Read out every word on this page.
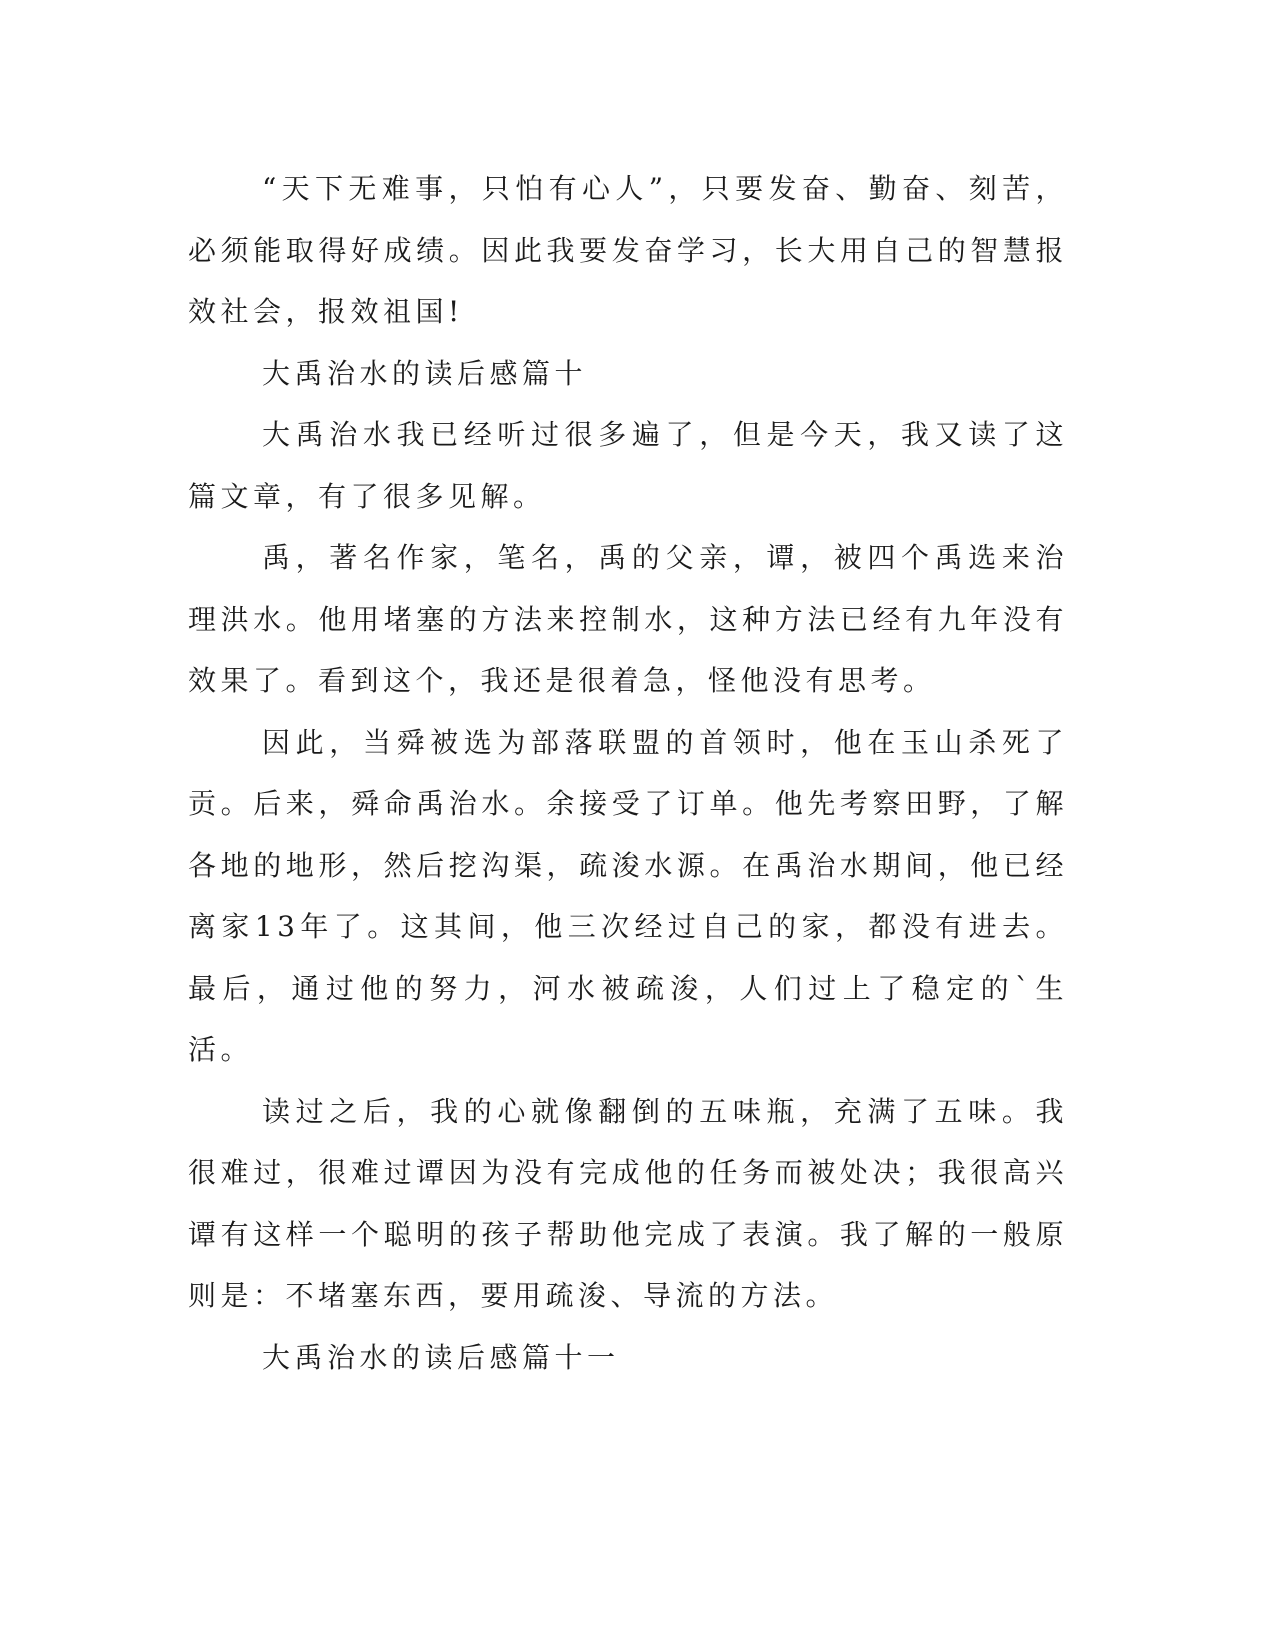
“天下无难事，只怕有心人”，只要发奋、勤奋、刻苦，必须能取得好成绩。因此我要发奋学习，长大用自己的智慧报效社会，报效祖国!

大禹治水的读后感篇十

大禹治水我已经听过很多遍了，但是今天，我又读了这篇文章，有了很多见解。

禹，著名作家，笔名，禹的父亲，谭，被四个禹选来治理洪水。他用堵塞的方法来控制水，这种方法已经有九年没有效果了。看到这个，我还是很着急，怪他没有思考。

因此，当舜被选为部落联盟的首领时，他在玉山杀死了贡。后来，舜命禹治水。余接受了订单。他先考察田野，了解各地的地形，然后挖沟渠，疏浚水源。在禹治水期间，他已经离家13年了。这其间，他三次经过自己的家，都没有进去。最后，通过他的努力，河水被疏浚，人们过上了稳定的`生活。

读过之后，我的心就像翻倒的五味瓶，充满了五味。我很难过，很难过谭因为没有完成他的任务而被处决；我很高兴谭有这样一个聪明的孩子帮助他完成了表演。我了解的一般原则是：不堵塞东西，要用疏浚、导流的方法。

大禹治水的读后感篇十一
